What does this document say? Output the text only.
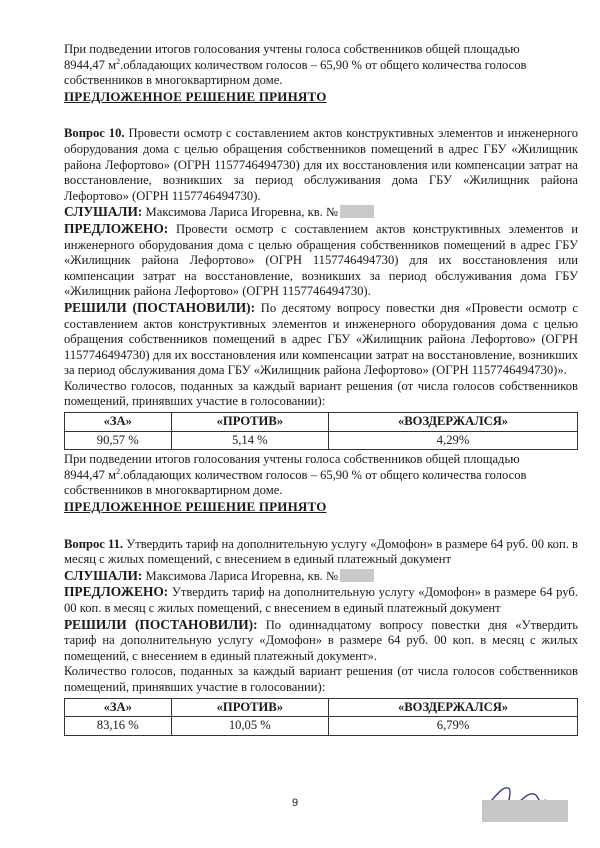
При подведении итогов голосования учтены голоса собственников общей площадью
8944,47 $м^2.обладающих$ количеством голосов – 65,90 % от общего количества голосов
собственников в многоквартирном доме.

ПРЕДЛОЖЕННОЕ РЕШЕНИЕ ПРИНЯТО

Вопрос 10. Провести осмотр с составлением актов конструктивных элементов и инженерного оборудования дома с целью обращения собственников помещений в адрес ГБУ «Жилищник района Лефортово» (ОГРН 1157746494730) для их восстановления или компенсации затрат на восстановление, возникших за период обслуживания дома ГБУ «Жилищник района Лефортово» (ОГРН 1157746494730).

СЛУШАЛИ: Максимова Лариса Игоревна, кв. №

ПРЕДЛОЖЕНО: Провести осмотр с составлением актов конструктивных элементов и инженерного оборудования дома с целью обращения собственников помещений в адрес ГБУ «Жилищник района Лефортово» (ОГРН 1157746494730) для их восстановления или компенсации затрат на восстановление, возникших за период обслуживания дома ГБУ «Жилищник района Лефортово» (ОГРН 1157746494730).

РЕШИЛИ (ПОСТАНОВИЛИ): По десятому вопросу повестки дня «Провести осмотр с составлением актов конструктивных элементов и инженерного оборудования дома с целью обращения собственников помещений в адрес ГБУ «Жилищник района Лефортово» (ОГРН 1157746494730) для их восстановления или компенсации затрат на восстановление, возникших за период обслуживания дома ГБУ «Жилищник района Лефортово» (ОГРН 1157746494730)».

Количество голосов, поданных за каждый вариант решения (от числа голосов собственников помещений, принявших участие в голосовании):

«ЗА»	«ПРОТИВ»	«ВОЗДЕРЖАЛСЯ»
90,57 %	5,14 %	4,29%

При подведении итогов голосования учтены голоса собственников общей площадью
8944,47 $м^2.обладающих$ количеством голосов – 65,90 % от общего количества голосов
собственников в многоквартирном доме.

ПРЕДЛОЖЕННОЕ РЕШЕНИЕ ПРИНЯТО

Вопрос 11. Утвердить тариф на дополнительную услугу «Домофон» в размере 64 руб. 00 коп. в месяц с жилых помещений, с внесением в единый платежный документ

СЛУШАЛИ: Максимова Лариса Игоревна, кв. №

ПРЕДЛОЖЕНО: Утвердить тариф на дополнительную услугу «Домофон» в размере 64 руб. 00 коп. в месяц с жилых помещений, с внесением в единый платежный документ

РЕШИЛИ (ПОСТАНОВИЛИ): По одиннадцатому вопросу повестки дня «Утвердить тариф на дополнительную услугу «Домофон» в размере 64 руб. 00 коп. в месяц с жилых помещений, с внесением в единый платежный документ».

Количество голосов, поданных за каждый вариант решения (от числа голосов собственников помещений, принявших участие в голосовании):

«ЗА»	«ПРОТИВ»	«ВОЗДЕРЖАЛСЯ»
83,16 %	10,05 %	6,79%
9
